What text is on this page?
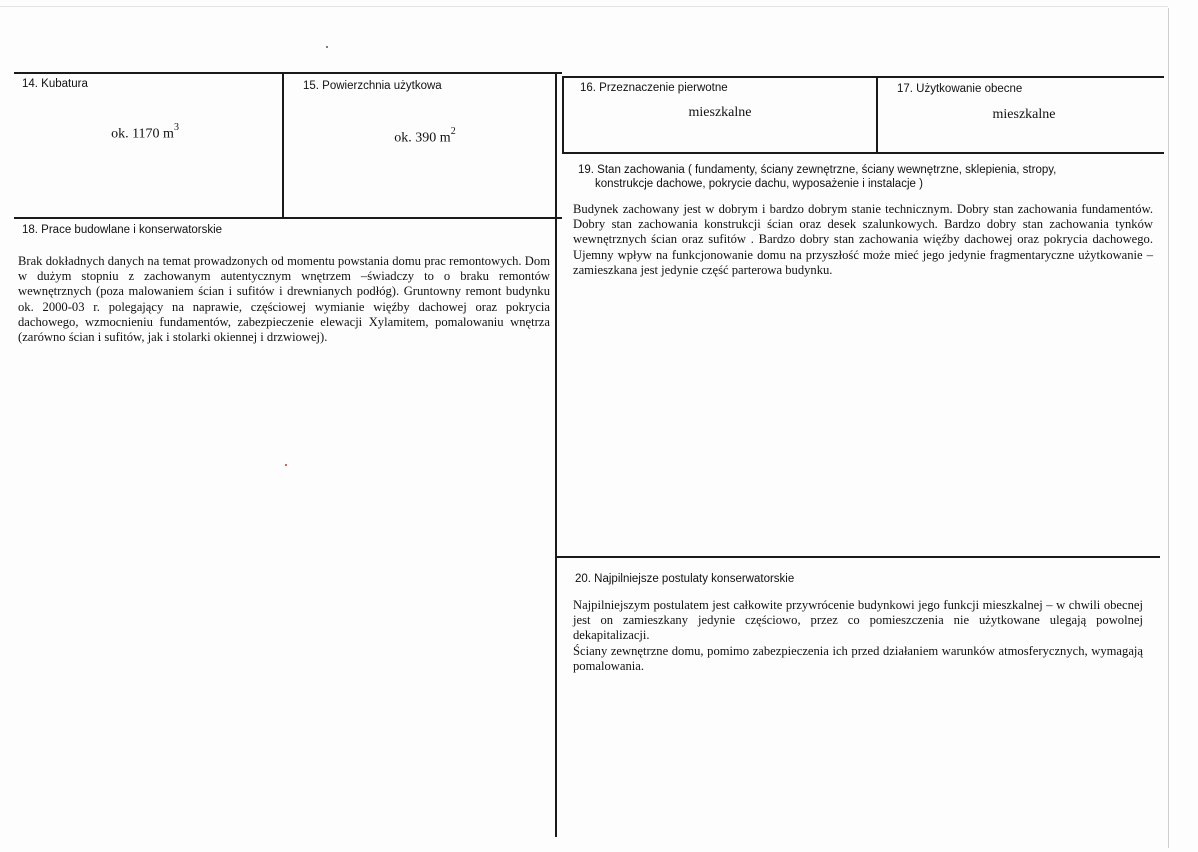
14. Kubatura
ok. 1170 $m^3$
15. Powierzchnia użytkowa
ok. 390 $m^2$
16. Przeznaczenie pierwotne
mieszkalne
17. Użytkowanie obecne
mieszkalne
18. Prace budowlane i konserwatorskie

Brak dokładnych danych na temat prowadzonych od momentu powstania domu prac remontowych. Dom w dużym stopniu z zachowanym autentycznym wnętrzem –świadczy to o braku remontów wewnętrznych (poza malowaniem ścian i sufitów i drewnianych podłóg). Gruntowny remont budynku ok. 2000-03 r. polegający na naprawie, częściowej wymianie więźby dachowej oraz pokrycia dachowego, wzmocnieniu fundamentów, zabezpieczenie elewacji Xylamitem, pomalowaniu wnętrza (zarówno ścian i sufitów, jak i stolarki okiennej i drzwiowej).

19. Stan zachowania ( fundamenty, ściany zewnętrzne, ściany wewnętrzne, sklepienia, stropy,
konstrukcje dachowe, pokrycie dachu, wyposażenie i instalacje )

Budynek zachowany jest w dobrym i bardzo dobrym stanie technicznym. Dobry stan zachowania fundamentów. Dobry stan zachowania konstrukcji ścian oraz desek szalunkowych. Bardzo dobry stan zachowania tynków wewnętrznych ścian oraz sufitów . Bardzo dobry stan zachowania więźby dachowej oraz pokrycia dachowego. Ujemny wpływ na funkcjonowanie domu na przyszłość może mieć jego jedynie fragmentaryczne użytkowanie – zamieszkana jest jedynie część parterowa budynku.

20. Najpilniejsze postulaty konserwatorskie

Najpilniejszym postulatem jest całkowite przywrócenie budynkowi jego funkcji mieszkalnej – w chwili obecnej jest on zamieszkany jedynie częściowo, przez co pomieszczenia nie użytkowane ulegają powolnej dekapitalizacji.

Ściany zewnętrzne domu, pomimo zabezpieczenia ich przed działaniem warunków atmosferycznych, wymagają pomalowania.
